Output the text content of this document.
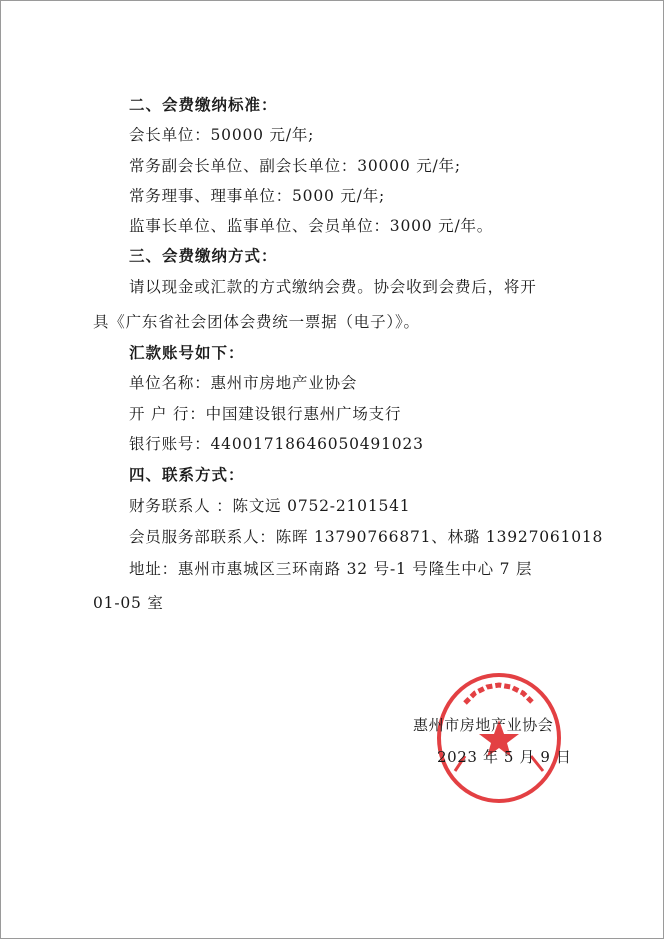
二、会费缴纳标准：
会长单位：50000 元/年;
常务副会长单位、副会长单位：30000 元/年;
常务理事、理事单位：5000 元/年;
监事长单位、监事单位、会员单位：3000 元/年。
三、会费缴纳方式：
请以现金或汇款的方式缴纳会费。协会收到会费后，将开
具《广东省社会团体会费统一票据（电子）》。
汇款账号如下：
单位名称：惠州市房地产业协会
开 户 行：中国建设银行惠州广场支行
银行账号：44001718646050491023
四、联系方式：
财务联系人 ：陈文远 0752-2101541
会员服务部联系人：陈晖 13790766871、林璐 13927061018
地址：惠州市惠城区三环南路 32 号-1 号隆生中心 7 层
01-05 室
惠州市房地产业协会
2023 年 5 月 9 日
